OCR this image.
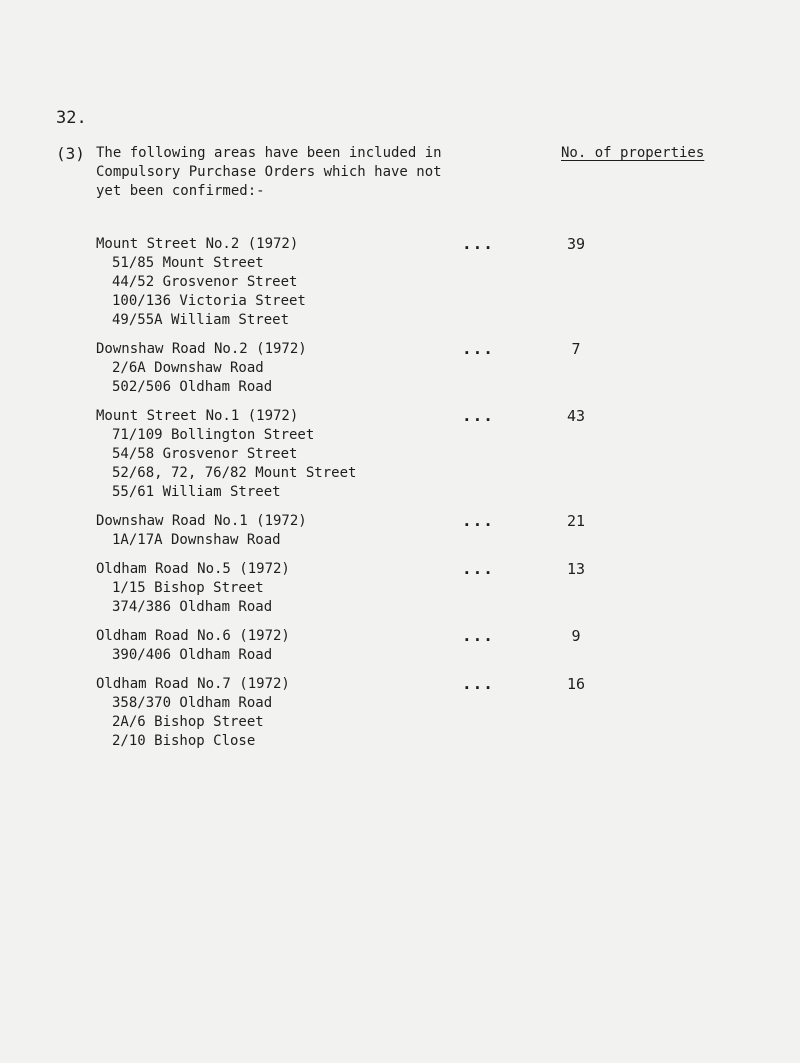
32.
(3) The following areas have been included in
Compulsory Purchase Orders which have not
yet been confirmed:-
No. of properties
Mount Street No.2 (1972)	...	39
51/85 Mount Street
44/52 Grosvenor Street
100/136 Victoria Street
49/55A William Street
Downshaw Road No.2 (1972)	...	7
2/6A Downshaw Road
502/506 Oldham Road
Mount Street No.1 (1972)	...	43
71/109 Bollington Street
54/58 Grosvenor Street
52/68, 72, 76/82 Mount Street
55/61 William Street
Downshaw Road No.1 (1972)	...	21
1A/17A Downshaw Road
Oldham Road No.5 (1972)	...	13
1/15 Bishop Street
374/386 Oldham Road
Oldham Road No.6 (1972)	...	9
390/406 Oldham Road
Oldham Road No.7 (1972)	...	16
358/370 Oldham Road
2A/6 Bishop Street
2/10 Bishop Close
